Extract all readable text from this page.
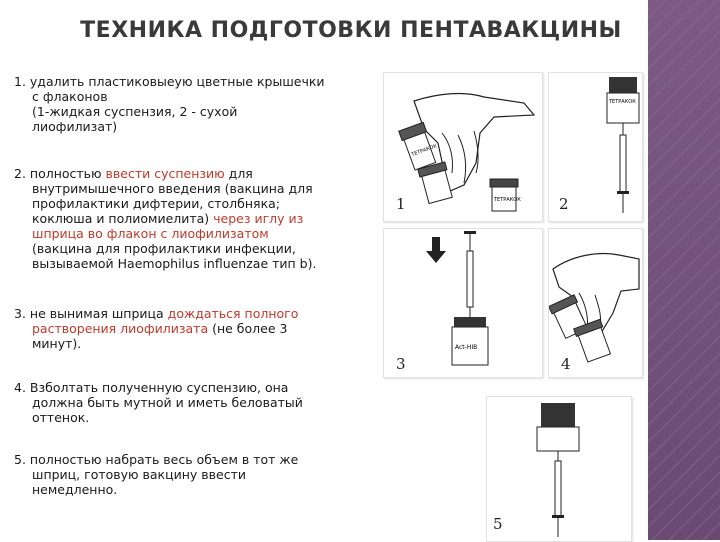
ТЕХНИКА ПОДГОТОВКИ ПЕНТАВАКЦИНЫ

1. удалить пластиковыеую цветные крышечки

с флаконов

(1-жидкая суспензия, 2 - сухой

лиофилизат)

2. полностью ввести суспензию для

внутримышечного введения (вакцина для

профилактики дифтерии, столбняка;

коклюша и полиомиелита) через иглу из

шприца во флакон с лиофилизатом

(вакцина для профилактики инфекции,

вызываемой Haemophilus influenzae тип b).

3. не вынимая шприца дождаться полного

растворения лиофилизата (не более 3

минут).

4. Взболтать полученную суспензию, она

должна быть мутной и иметь беловатый

оттенок.

5. полностью набрать весь объем в тот же

шприц, готовую вакцину ввести

немедленно.

ТЕТРАКОК
ТЕТРАКОК
1
ТЕТРАКОК
2
Act-HIB
3	4
5
